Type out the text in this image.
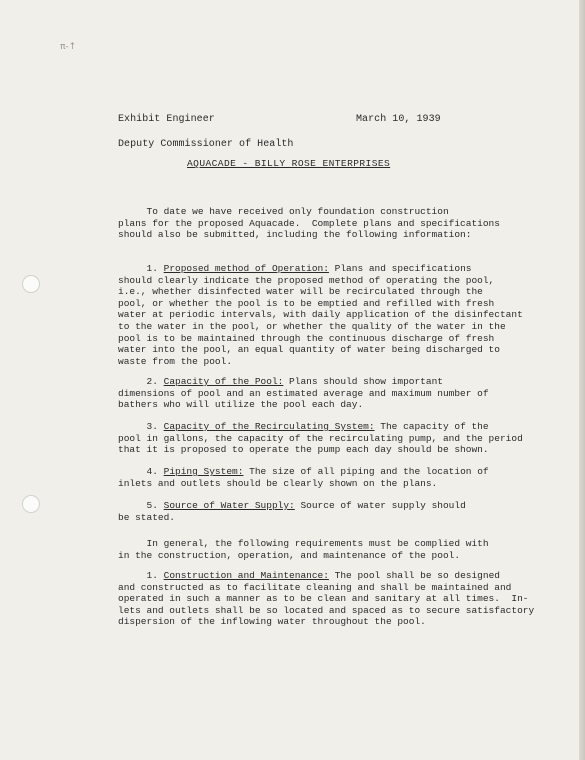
π-↑
Exhibit Engineer	March 10, 1939
Deputy Commissioner of Health
AQUACADE - BILLY ROSE ENTERPRISES
To date we have received only foundation construction
plans for the proposed Aquacade.  Complete plans and specifications
should also be submitted, including the following information:
1. Proposed method of Operation: Plans and specifications
should clearly indicate the proposed method of operating the pool,
i.e., whether disinfected water will be recirculated through the
pool, or whether the pool is to be emptied and refilled with fresh
water at periodic intervals, with daily application of the disinfectant
to the water in the pool, or whether the quality of the water in the
pool is to be maintained through the continuous discharge of fresh
water into the pool, an equal quantity of water being discharged to
waste from the pool.
2. Capacity of the Pool: Plans should show important
dimensions of pool and an estimated average and maximum number of
bathers who will utilize the pool each day.
3. Capacity of the Recirculating System: The capacity of the
pool in gallons, the capacity of the recirculating pump, and the period
that it is proposed to operate the pump each day should be shown.
4. Piping System: The size of all piping and the location of
inlets and outlets should be clearly shown on the plans.
5. Source of Water Supply: Source of water supply should
be stated.
In general, the following requirements must be complied with
in the construction, operation, and maintenance of the pool.
1. Construction and Maintenance: The pool shall be so designed
and constructed as to facilitate cleaning and shall be maintained and
operated in such a manner as to be clean and sanitary at all times.  In-
lets and outlets shall be so located and spaced as to secure satisfactory
dispersion of the inflowing water throughout the pool.
